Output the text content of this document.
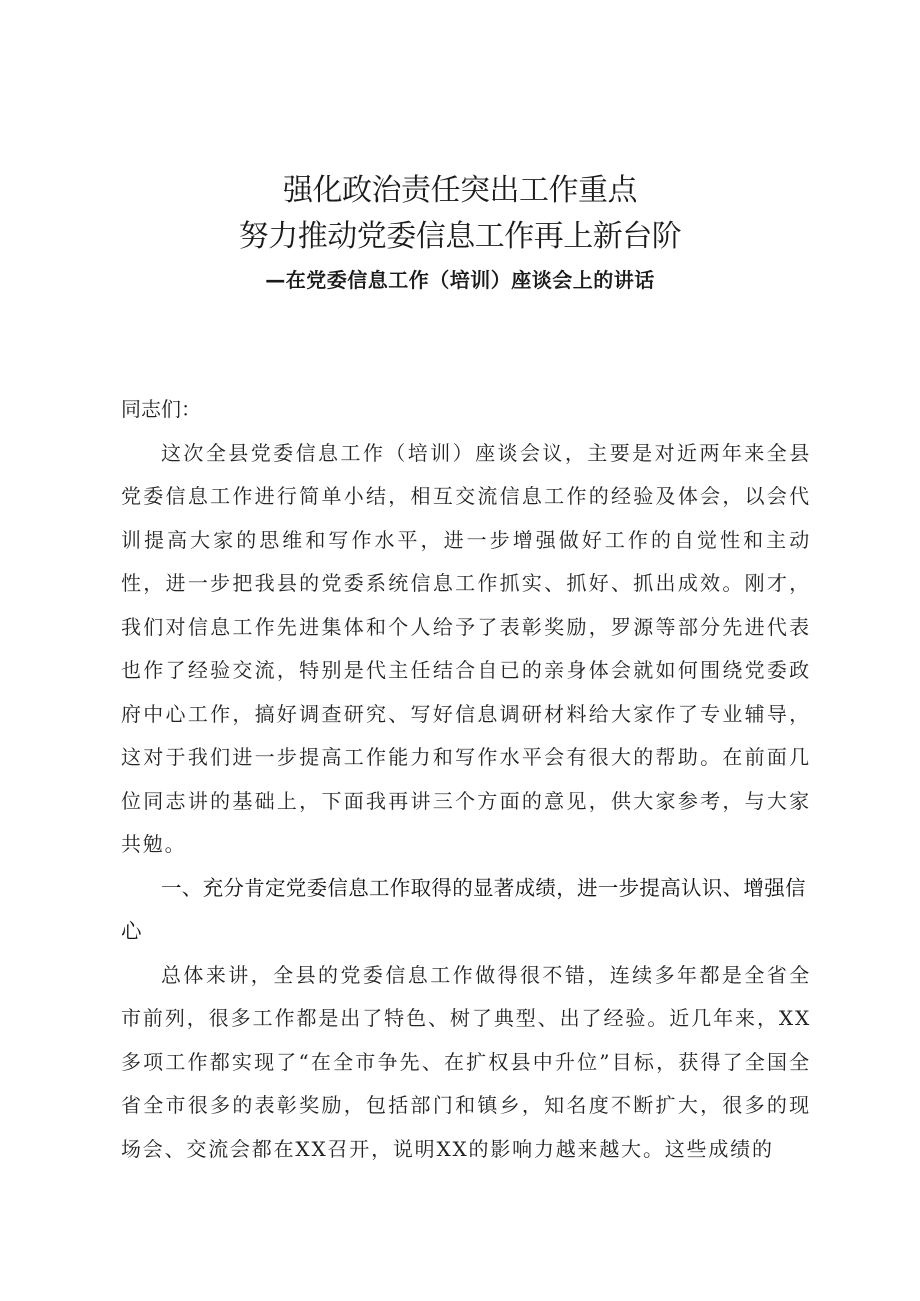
强化政治责任突出工作重点

努力推动党委信息工作再上新台阶

—在党委信息工作（培训）座谈会上的讲话

同志们：

这次全县党委信息工作（培训）座谈会议，主要是对近两年来全县党委信息工作进行简单小结，相互交流信息工作的经验及体会，以会代训提高大家的思维和写作水平，进一步增强做好工作的自觉性和主动性，进一步把我县的党委系统信息工作抓实、抓好、抓出成效。刚才，我们对信息工作先进集体和个人给予了表彰奖励，罗源等部分先进代表也作了经验交流，特别是代主任结合自已的亲身体会就如何围绕党委政府中心工作，搞好调查研究、写好信息调研材料给大家作了专业辅导，这对于我们进一步提高工作能力和写作水平会有很大的帮助。在前面几位同志讲的基础上，下面我再讲三个方面的意见，供大家参考，与大家共勉。

一、充分肯定党委信息工作取得的显著成绩，进一步提高认识、增强信心

总体来讲，全县的党委信息工作做得很不错，连续多年都是全省全市前列，很多工作都是出了特色、树了典型、出了经验。近几年来，XX多项工作都实现了“在全市争先、在扩权县中升位”目标，获得了全国全省全市很多的表彰奖励，包括部门和镇乡，知名度不断扩大，很多的现场会、交流会都在XX召开，说明XX的影响力越来越大。这些成绩的
